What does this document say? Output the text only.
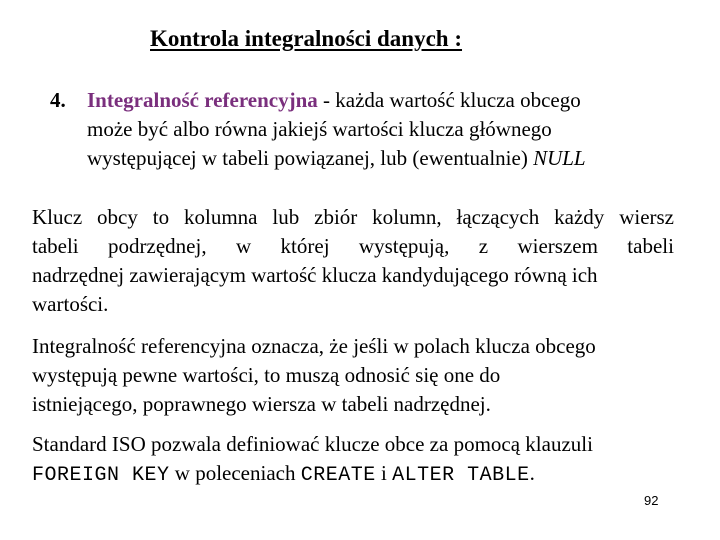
Kontrola integralności danych :
4. Integralność referencyjna - każda wartość klucza obcego
może być albo równa jakiejś wartości klucza głównego
występującej w tabeli powiązanej, lub (ewentualnie) NULL
Klucz obcy to kolumna lub zbiór kolumn, łączących każdy wiersz
tabeli podrzędnej, w której występują, z wierszem tabeli
nadrzędnej zawierającym wartość klucza kandydującego równą ich
wartości.
Integralność referencyjna oznacza, że jeśli w polach klucza obcego
występują pewne wartości, to muszą odnosić się one do
istniejącego, poprawnego wiersza w tabeli nadrzędnej.
Standard ISO pozwala definiować klucze obce za pomocą klauzuli
FOREIGN KEY w poleceniach CREATE i ALTER TABLE.
92
